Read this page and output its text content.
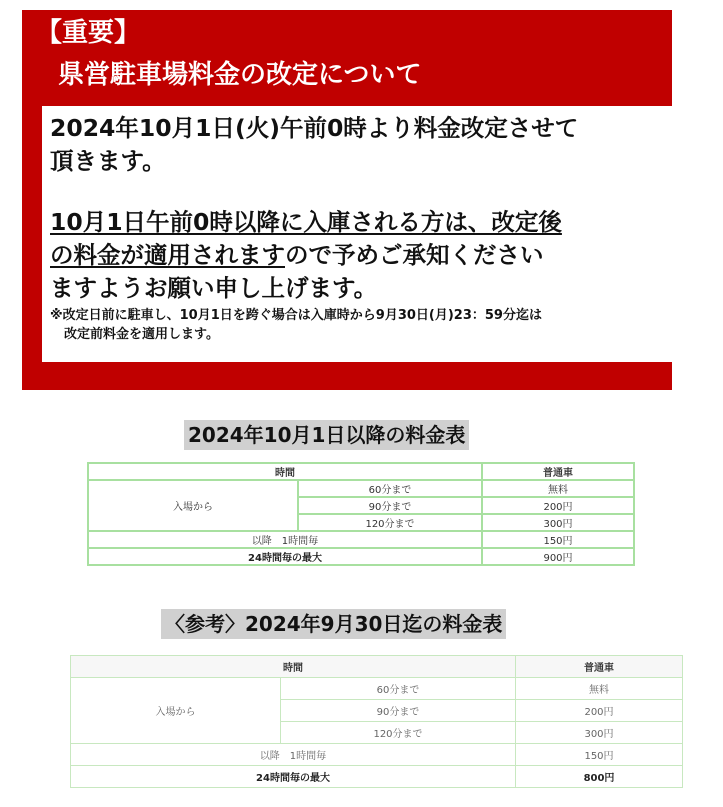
【重要】
県営駐車場料金の改定について
2024年10月1日(火)午前0時より料金改定させて
頂きます。
10月1日午前0時以降に入庫される方は、改定後
の料金が適用されますので予めご承知ください
ますようお願い申し上げます。
※改定日前に駐車し、10月1日を跨ぐ場合は入庫時から9月30日(月)23：59分迄は
改定前料金を適用します。
2024年10月1日以降の料金表
時間		普通車
入場から	60分まで	無料
	90分まで	200円
	120分まで	300円
以降　1時間毎		150円
24時間毎の最大		900円
〈参考〉2024年9月30日迄の料金表
時間		普通車
入場から	60分まで	無料
	90分まで	200円
	120分まで	300円
以降　1時間毎		150円
24時間毎の最大		800円
